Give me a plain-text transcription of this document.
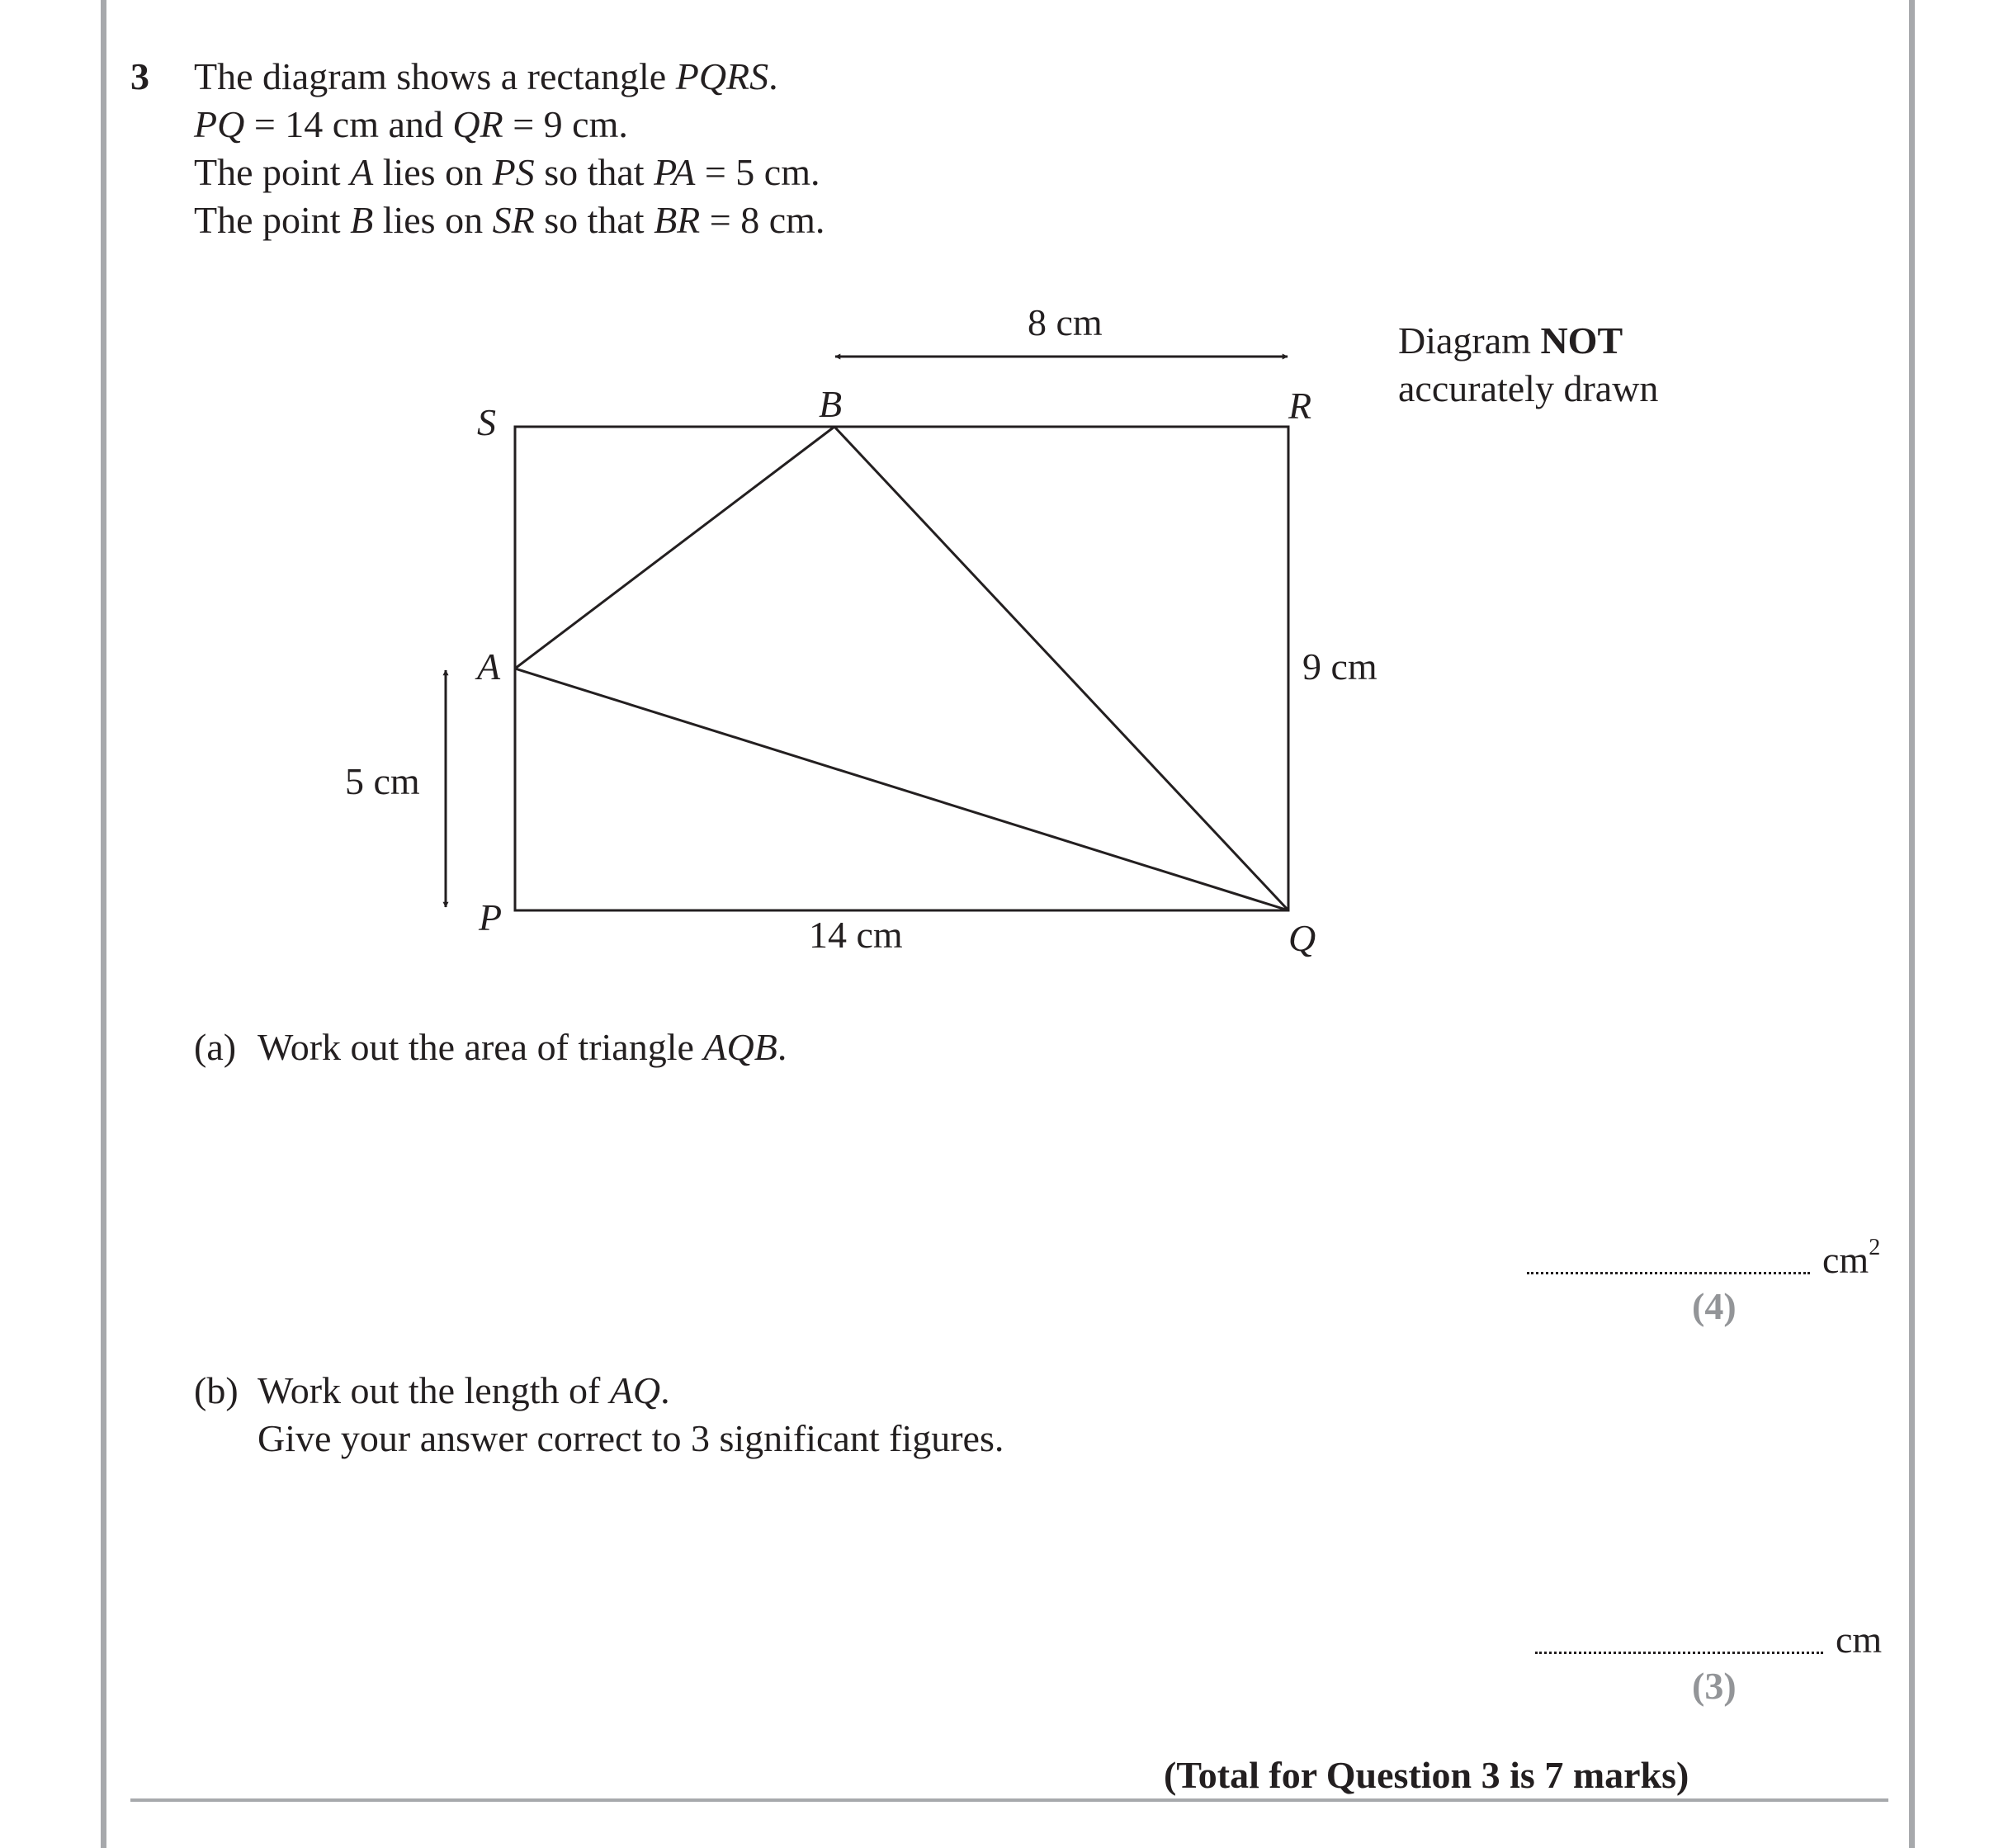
3 The diagram shows a rectangle PQRS.
PQ = 14 cm and QR = 9 cm.
The point A lies on PS so that PA = 5 cm.
The point B lies on SR so that BR = 8 cm.
S	B	R
A
P	Q
8 cm
9 cm
5 cm
14 cm
Diagram NOT
accurately drawn
(a) Work out the area of triangle AQB.
$cm^2$
(4)
(b) Work out the length of AQ.
Give your answer correct to 3 significant figures.
cm
(3)
(Total for Question 3 is 7 marks)
